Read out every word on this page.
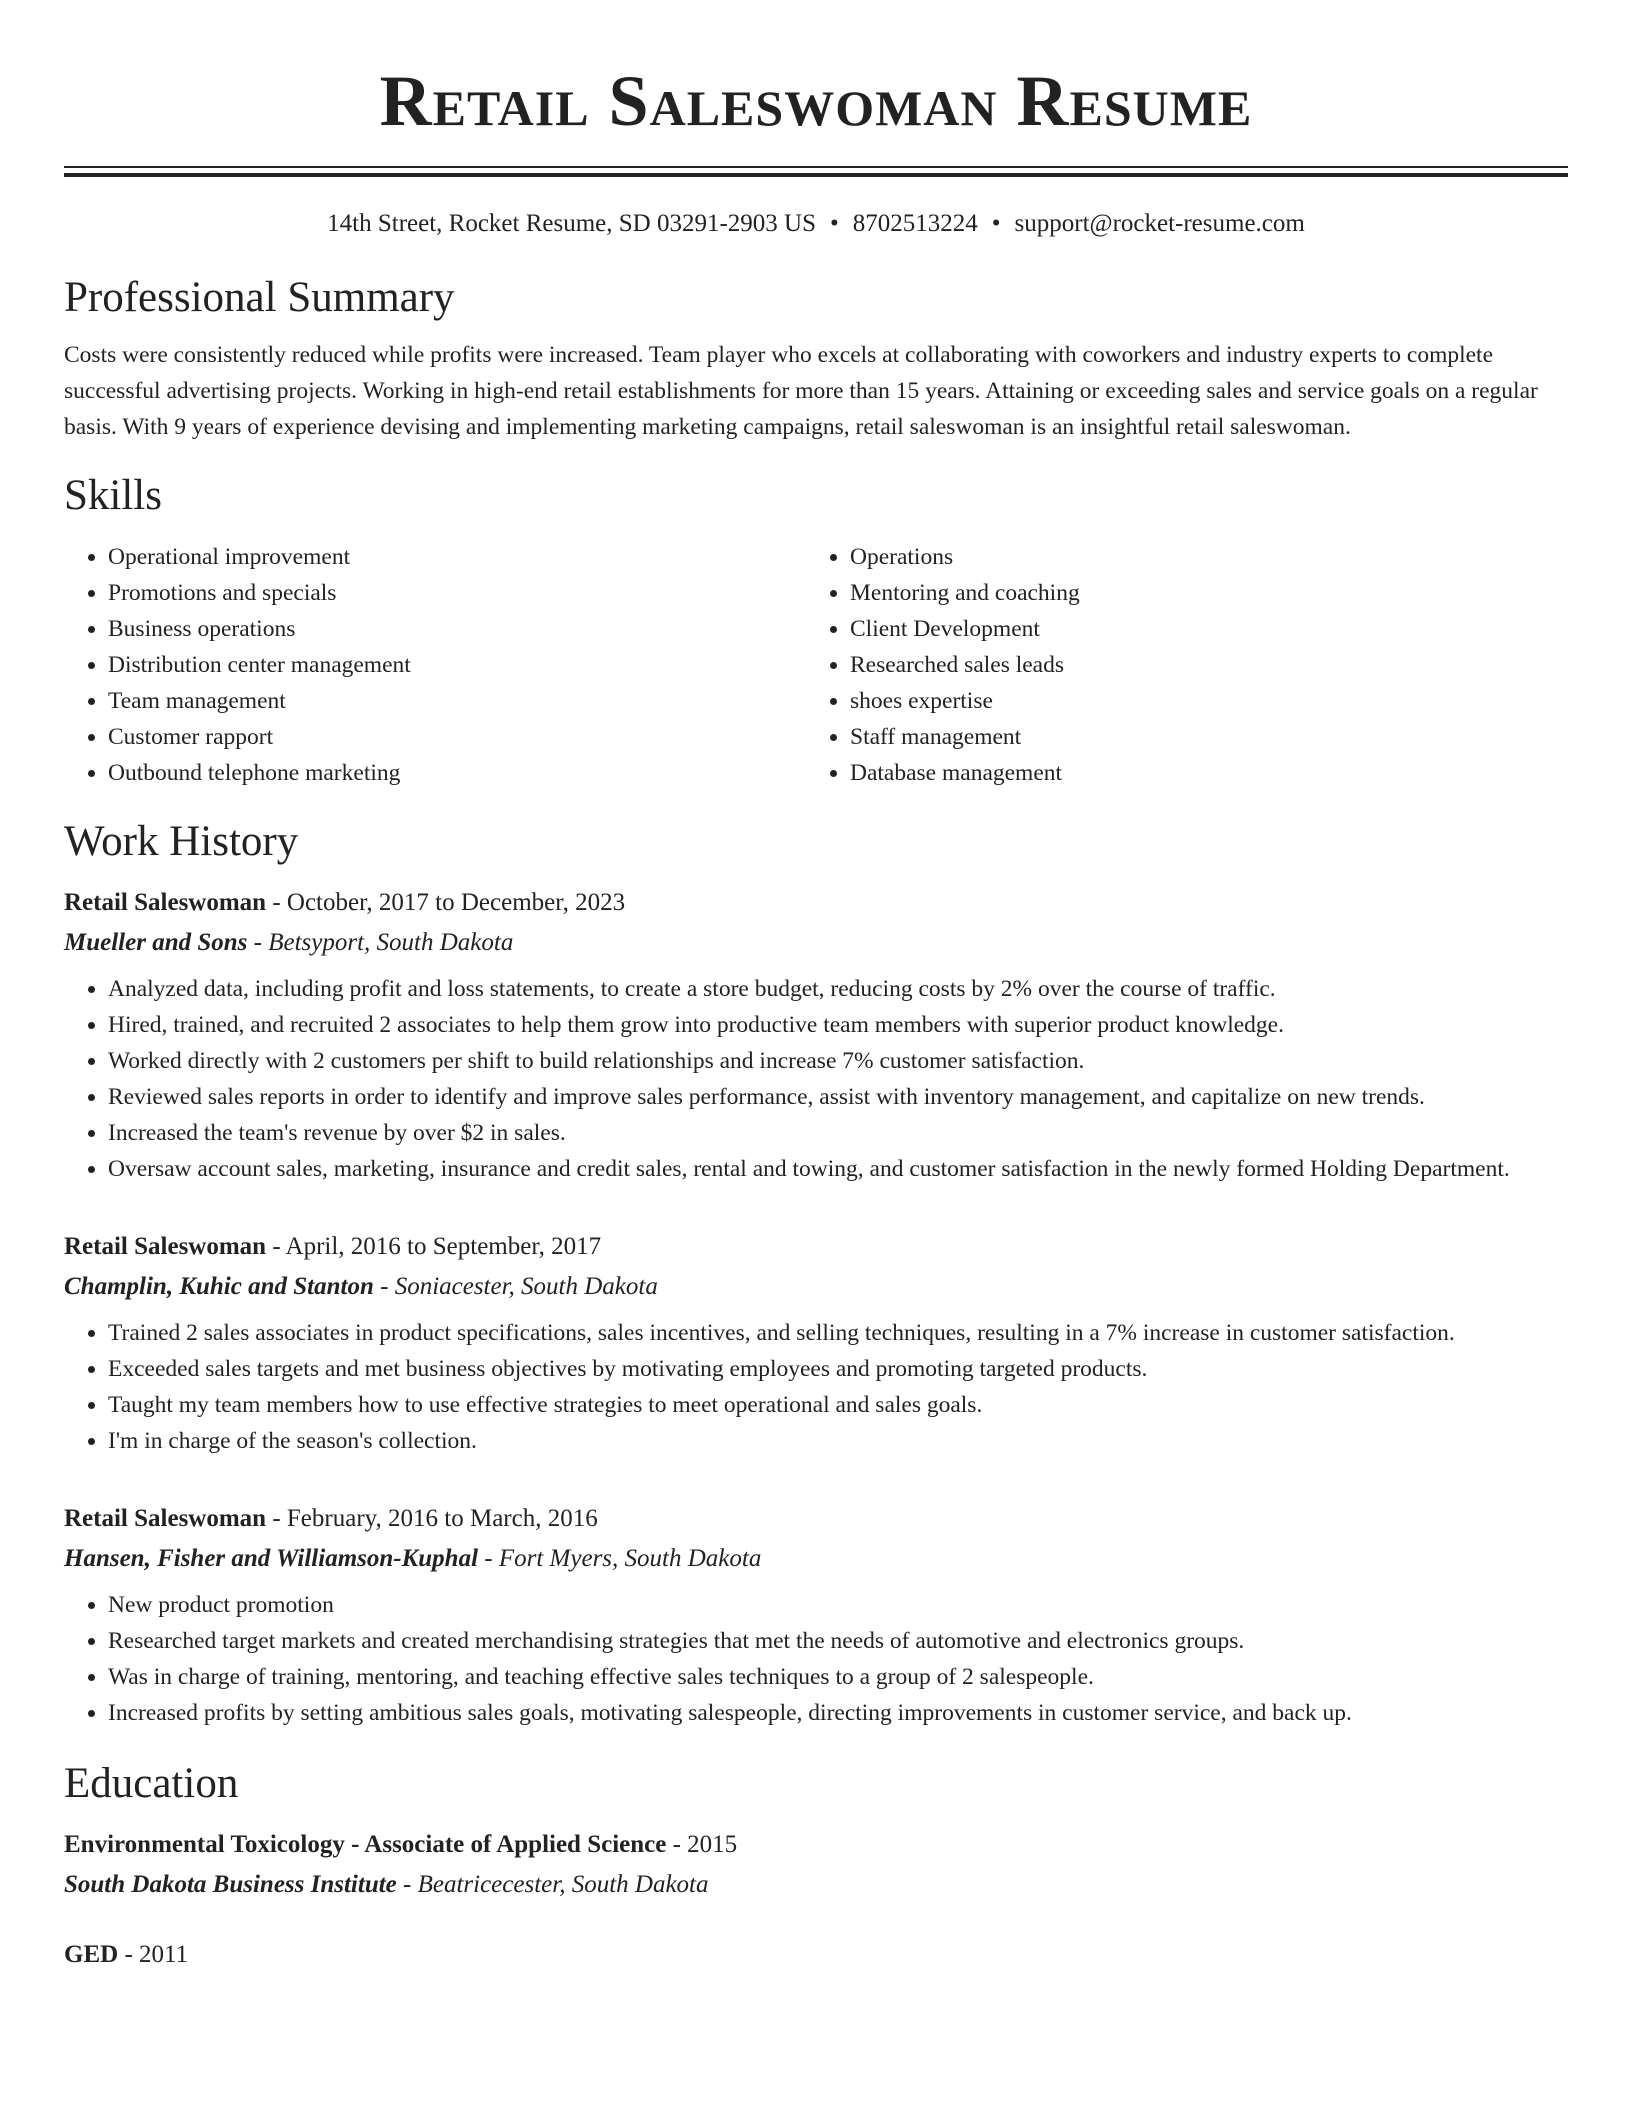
Retail Saleswoman Resume
14th Street, Rocket Resume, SD 03291-2903 US • 8702513224 • support@rocket-resume.com
Professional Summary

Costs were consistently reduced while profits were increased. Team player who excels at collaborating with coworkers and industry experts to complete successful advertising projects. Working in high-end retail establishments for more than 15 years. Attaining or exceeding sales and service goals on a regular basis. With 9 years of experience devising and implementing marketing campaigns, retail saleswoman is an insightful retail saleswoman.

Skills
• Operational improvement
• Promotions and specials
• Business operations
• Distribution center management
• Team management
• Customer rapport
• Outbound telephone marketing
• Operations
• Mentoring and coaching
• Client Development
• Researched sales leads
• shoes expertise
• Staff management
• Database management
Work History
Retail Saleswoman - October, 2017 to December, 2023
Mueller and Sons - Betsyport, South Dakota
• Analyzed data, including profit and loss statements, to create a store budget, reducing costs by 2% over the course of traffic.
• Hired, trained, and recruited 2 associates to help them grow into productive team members with superior product knowledge.
• Worked directly with 2 customers per shift to build relationships and increase 7% customer satisfaction.
• Reviewed sales reports in order to identify and improve sales performance, assist with inventory management, and capitalize on new trends.
• Increased the team's revenue by over $2 in sales.
• Oversaw account sales, marketing, insurance and credit sales, rental and towing, and customer satisfaction in the newly formed Holding Department.
Retail Saleswoman - April, 2016 to September, 2017
Champlin, Kuhic and Stanton - Soniacester, South Dakota
• Trained 2 sales associates in product specifications, sales incentives, and selling techniques, resulting in a 7% increase in customer satisfaction.
• Exceeded sales targets and met business objectives by motivating employees and promoting targeted products.
• Taught my team members how to use effective strategies to meet operational and sales goals.
• I'm in charge of the season's collection.
Retail Saleswoman - February, 2016 to March, 2016
Hansen, Fisher and Williamson-Kuphal - Fort Myers, South Dakota
• New product promotion
• Researched target markets and created merchandising strategies that met the needs of automotive and electronics groups.
• Was in charge of training, mentoring, and teaching effective sales techniques to a group of 2 salespeople.
• Increased profits by setting ambitious sales goals, motivating salespeople, directing improvements in customer service, and back up.
Education
Environmental Toxicology - Associate of Applied Science - 2015
South Dakota Business Institute - Beatricecester, South Dakota
GED - 2011
